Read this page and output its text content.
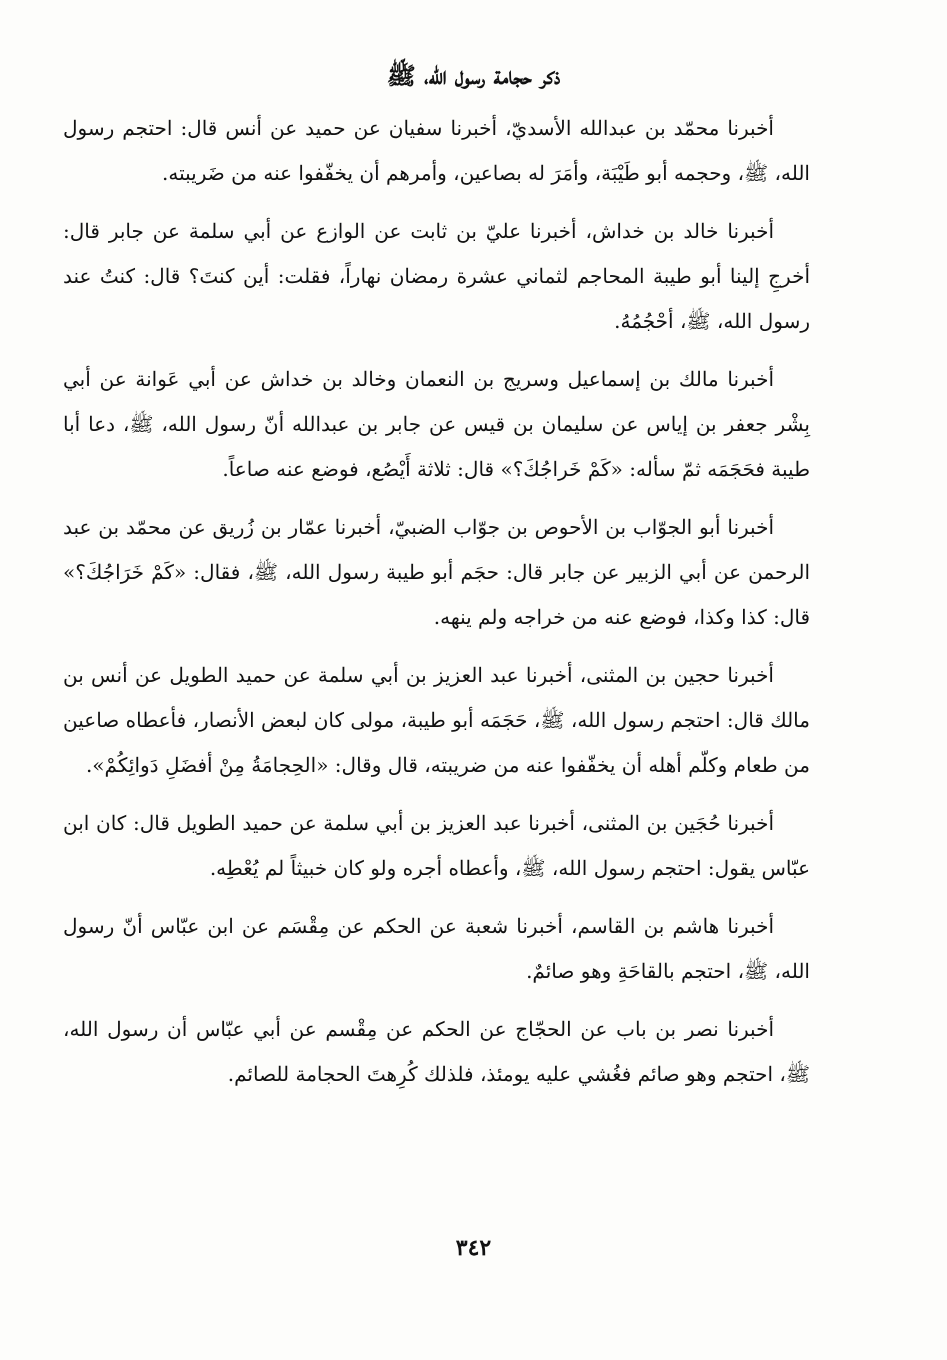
ذكر حجامة رسول الله، ﷺ

أخبرنا محمّد بن عبدالله الأسديّ، أخبرنا سفيان عن حميد عن أنس قال: احتجم رسول الله، ﷺ، وحجمه أبو طَيْبَة، وأمَرَ له بصاعين، وأمرهم أن يخفّفوا عنه من ضَريبته.

أخبرنا خالد بن خداش، أخبرنا عليّ بن ثابت عن الوازع عن أبي سلمة عن جابر قال: أخرجِ إلينا أبو طيبة المحاجم لثماني عشرة رمضان نهاراً، فقلت: أين كنتَ؟ قال: كنتُ عند رسول الله، ﷺ، أحْجُمُهُ.

أخبرنا مالك بن إسماعيل وسريج بن النعمان وخالد بن خداش عن أبي عَوانة عن أبي بِشْر جعفر بن إياس عن سليمان بن قيس عن جابر بن عبدالله أنّ رسول الله، ﷺ، دعا أبا طيبة فحَجَمَه ثمّ سأله: «كَمْ خَراجُكَ؟» قال: ثلاثة أَيْصُع، فوضع عنه صاعاً.

أخبرنا أبو الجوّاب بن الأحوص بن جوّاب الضبيّ، أخبرنا عمّار بن زُريق عن محمّد بن عبد الرحمن عن أبي الزبير عن جابر قال: حجَم أبو طيبة رسول الله، ﷺ، فقال: «كَمْ خَرَاجُكَ؟» قال: كذا وكذا، فوضع عنه من خراجه ولم ينهه.

أخبرنا حجين بن المثنى، أخبرنا عبد العزيز بن أبي سلمة عن حميد الطويل عن أنس بن مالك قال: احتجم رسول الله، ﷺ، حَجَمَه أبو طيبة، مولى كان لبعض الأنصار، فأعطاه صاعين من طعام وكلّم أهله أن يخفّفوا عنه من ضريبته، قال وقال: «الحِجامَةُ مِنْ أفضَلِ دَوائِكُمْ».

أخبرنا حُجَين بن المثنى، أخبرنا عبد العزيز بن أبي سلمة عن حميد الطويل قال: كان ابن عبّاس يقول: احتجم رسول الله، ﷺ، وأعطاه أجره ولو كان خبيثاً لم يُعْطِه.

أخبرنا هاشم بن القاسم، أخبرنا شعبة عن الحكم عن مِقْسَم عن ابن عبّاس أنّ رسول الله، ﷺ، احتجم بالقاحَةِ وهو صائمٌ.

أخبرنا نصر بن باب عن الحجّاج عن الحكم عن مِقْسم عن أبي عبّاس أن رسول الله، ﷺ، احتجم وهو صائم فغُشي عليه يومئذ، فلذلك كُرِهتَ الحجامة للصائم.

٣٤٢
